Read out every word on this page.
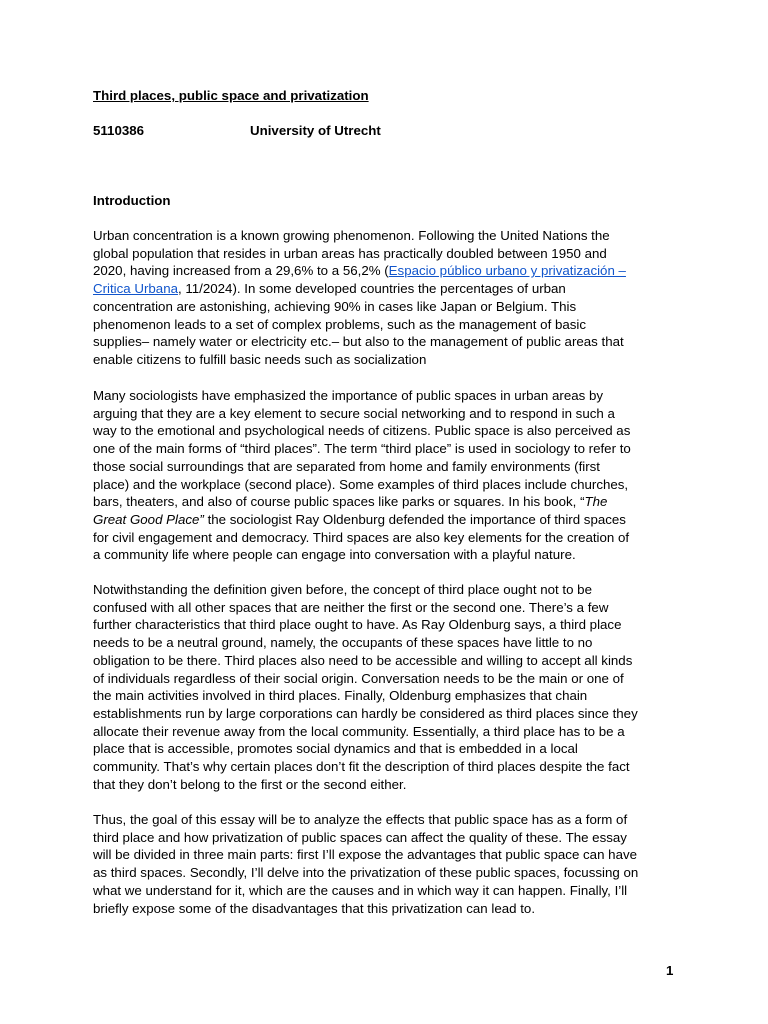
Third places, public space and privatization
5110386	University of Utrecht
Introduction
Urban concentration is a known growing phenomenon. Following the United Nations the
global population that resides in urban areas has practically doubled between 1950 and
2020, having increased from a 29,6% to a 56,2% (Espacio público urbano y privatización –
Critica Urbana, 11/2024). In some developed countries the percentages of urban
concentration are astonishing, achieving 90% in cases like Japan or Belgium. This
phenomenon leads to a set of complex problems, such as the management of basic
supplies– namely water or electricity etc.– but also to the management of public areas that
enable citizens to fulfill basic needs such as socialization
Many sociologists have emphasized the importance of public spaces in urban areas by
arguing that they are a key element to secure social networking and to respond in such a
way to the emotional and psychological needs of citizens. Public space is also perceived as
one of the main forms of “third places”. The term “third place” is used in sociology to refer to
those social surroundings that are separated from home and family environments (first
place) and the workplace (second place). Some examples of third places include churches,
bars, theaters, and also of course public spaces like parks or squares. In his book, “The
Great Good Place” the sociologist Ray Oldenburg defended the importance of third spaces
for civil engagement and democracy. Third spaces are also key elements for the creation of
a community life where people can engage into conversation with a playful nature.
Notwithstanding the definition given before, the concept of third place ought not to be
confused with all other spaces that are neither the first or the second one. There’s a few
further characteristics that third place ought to have. As Ray Oldenburg says, a third place
needs to be a neutral ground, namely, the occupants of these spaces have little to no
obligation to be there. Third places also need to be accessible and willing to accept all kinds
of individuals regardless of their social origin. Conversation needs to be the main or one of
the main activities involved in third places. Finally, Oldenburg emphasizes that chain
establishments run by large corporations can hardly be considered as third places since they
allocate their revenue away from the local community. Essentially, a third place has to be a
place that is accessible, promotes social dynamics and that is embedded in a local
community. That’s why certain places don’t fit the description of third places despite the fact
that they don’t belong to the first or the second either.
Thus, the goal of this essay will be to analyze the effects that public space has as a form of
third place and how privatization of public spaces can affect the quality of these. The essay
will be divided in three main parts: first I’ll expose the advantages that public space can have
as third spaces. Secondly, I’ll delve into the privatization of these public spaces, focussing on
what we understand for it, which are the causes and in which way it can happen. Finally, I’ll
briefly expose some of the disadvantages that this privatization can lead to.
1
